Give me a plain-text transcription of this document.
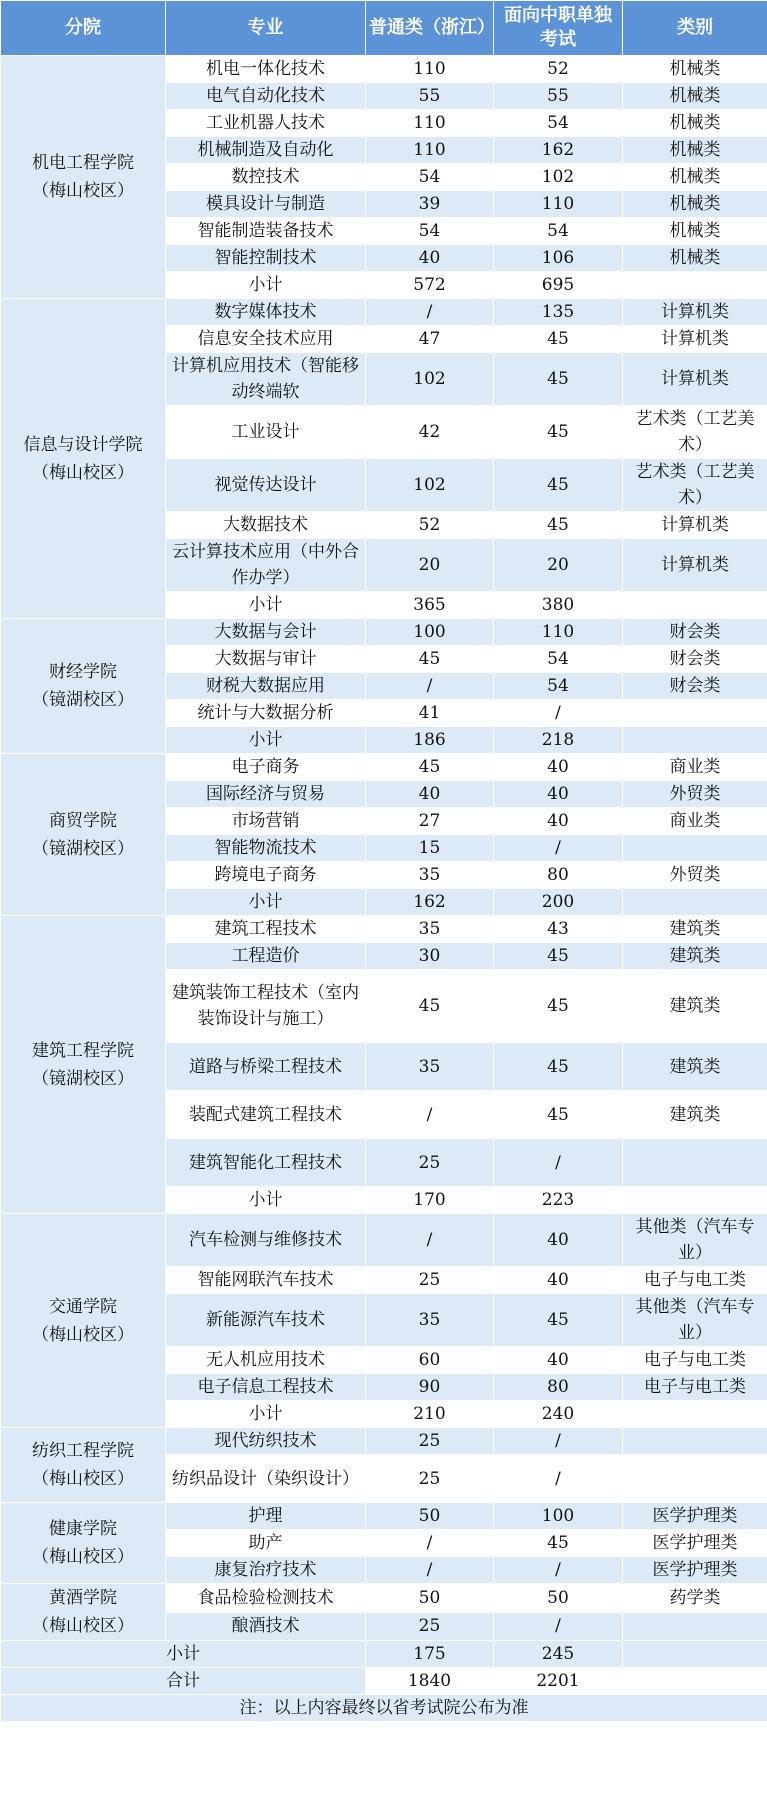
分院	专业	普通类（浙江）	面向中职单独考试	类别

机电工程学院
（梅山校区）	机电一体化技术	110	52	机械类
	电气自动化技术	55	55	机械类
	工业机器人技术	110	54	机械类
	机械制造及自动化	110	162	机械类
	数控技术	54	102	机械类
	模具设计与制造	39	110	机械类
	智能制造装备技术	54	54	机械类
	智能控制技术	40	106	机械类
	小计	572	695	

信息与设计学院
（梅山校区）	数字媒体技术	/	135	计算机类
	信息安全技术应用	47	45	计算机类
	计算机应用技术（智能移动终端软	102	45	计算机类
	工业设计	42	45	艺术类（工艺美术）
	视觉传达设计	102	45	艺术类（工艺美术）
	大数据技术	52	45	计算机类
	云计算技术应用（中外合作办学）	20	20	计算机类
	小计	365	380	

财经学院
（镜湖校区）	大数据与会计	100	110	财会类
	大数据与审计	45	54	财会类
	财税大数据应用	/	54	财会类
	统计与大数据分析	41	/	
	小计	186	218	

商贸学院
（镜湖校区）	电子商务	45	40	商业类
	国际经济与贸易	40	40	外贸类
	市场营销	27	40	商业类
	智能物流技术	15	/	
	跨境电子商务	35	80	外贸类
	小计	162	200	

建筑工程学院
（镜湖校区）	建筑工程技术	35	43	建筑类
	工程造价	30	45	建筑类
	建筑装饰工程技术（室内装饰设计与施工）	45	45	建筑类
	道路与桥梁工程技术	35	45	建筑类
	装配式建筑工程技术	/	45	建筑类
	建筑智能化工程技术	25	/	
	小计	170	223	

交通学院
（梅山校区）	汽车检测与维修技术	/	40	其他类（汽车专业）
	智能网联汽车技术	25	40	电子与电工类
	新能源汽车技术	35	45	其他类（汽车专业）
	无人机应用技术	60	40	电子与电工类
	电子信息工程技术	90	80	电子与电工类
	小计	210	240	

纺织工程学院
（梅山校区）	现代纺织技术	25	/	
	纺织品设计（染织设计）	25	/	

健康学院
（梅山校区）	护理	50	100	医学护理类
	助产	/	45	医学护理类
	康复治疗技术	/	/	医学护理类

黄酒学院
（梅山校区）	食品检验检测技术	50	50	药学类
	酿酒技术	25	/	
小计		175	245	
合计		1840	2201	
注：以上内容最终以省考试院公布为准				
